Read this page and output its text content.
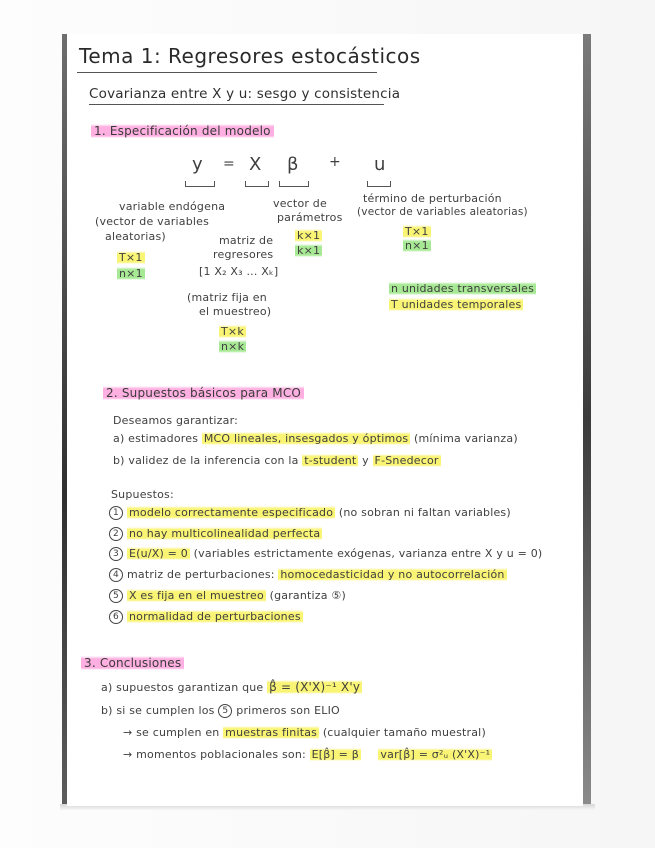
Tema 1: Regresores estocásticos
Covarianza entre X y u: sesgo y consistencia
1. Especificación del modelo
y = X β + u
variable endógena
(vector de variables
aleatorias)
T×1
n×1
matriz de
regresores
[1 X₂ X₃ ... Xₖ]
(matriz fija en
el muestreo)
T×k
n×k
vector de
parámetros
k×1
k×1
término de perturbación
(vector de variables aleatorias)
T×1
n×1
n unidades transversales
T unidades temporales
2. Supuestos básicos para MCO
Deseamos garantizar:
a) estimadores MCO lineales, insesgados y óptimos (mínima varianza)
b) validez de la inferencia con la t-student y F-Snedecor
Supuestos:
1 modelo correctamente especificado (no sobran ni faltan variables)
2 no hay multicolinealidad perfecta
3 E(u/X) = 0 (variables estrictamente exógenas, varianza entre X y u = 0)
4 matriz de perturbaciones: homocedasticidad y no autocorrelación
5 X es fija en el muestreo (garantiza ⑤)
6 normalidad de perturbaciones
3. Conclusiones
a) supuestos garantizan que β̂ = (X'X)⁻¹ X'y
b) si se cumplen los 5 primeros son ELIO
→ se cumplen en muestras finitas (cualquier tamaño muestral)
→ momentos poblacionales son: E[β̂] = β var[β̂] = σ²ᵤ (X'X)⁻¹
